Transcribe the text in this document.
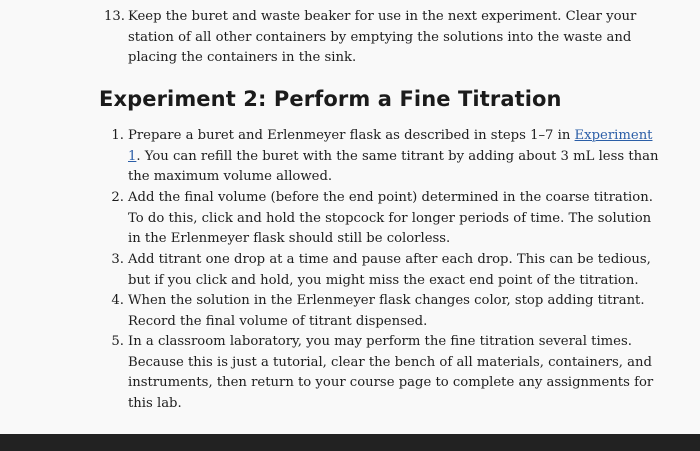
13. Keep the buret and waste beaker for use in the next experiment. Clear your
station of all other containers by emptying the solutions into the waste and
placing the containers in the sink.
Experiment 2: Perform a Fine Titration
1. Prepare a buret and Erlenmeyer flask as described in steps 1–7 in Experiment
1. You can refill the buret with the same titrant by adding about 3 mL less than
the maximum volume allowed.
2. Add the final volume (before the end point) determined in the coarse titration.
To do this, click and hold the stopcock for longer periods of time. The solution
in the Erlenmeyer flask should still be colorless.
3. Add titrant one drop at a time and pause after each drop. This can be tedious,
but if you click and hold, you might miss the exact end point of the titration.
4. When the solution in the Erlenmeyer flask changes color, stop adding titrant.
Record the final volume of titrant dispensed.
5. In a classroom laboratory, you may perform the fine titration several times.
Because this is just a tutorial, clear the bench of all materials, containers, and
instruments, then return to your course page to complete any assignments for
this lab.
